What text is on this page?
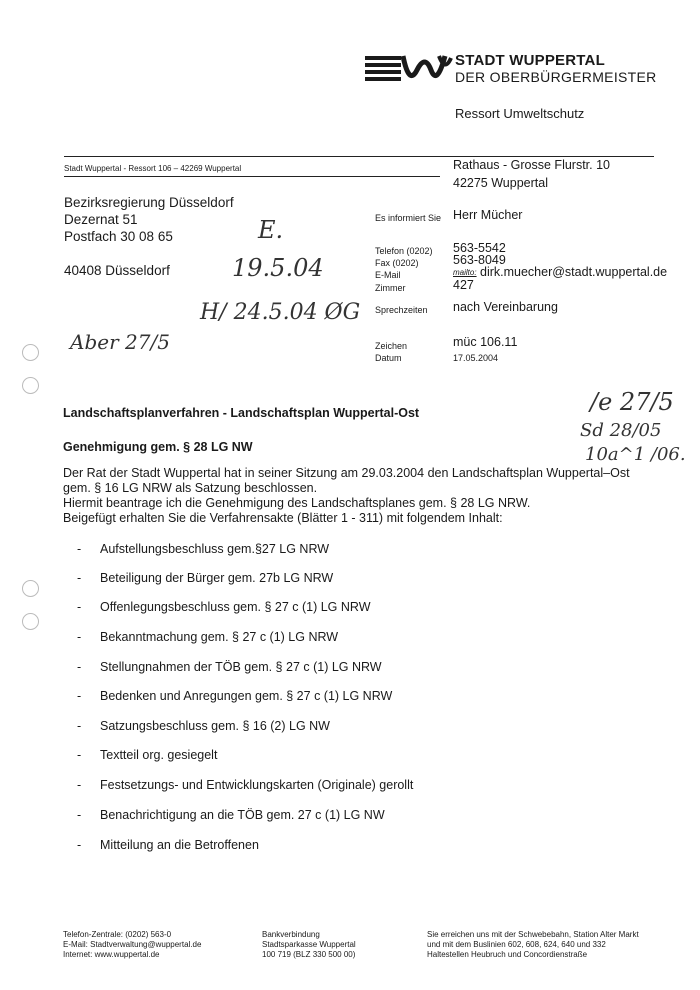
STADT WUPPERTAL
DER OBERBÜRGERMEISTER
Ressort Umweltschutz
Stadt Wuppertal - Ressort 106 – 42269 Wuppertal	Rathaus - Grosse Flurstr. 10
42275 Wuppertal
Bezirksregierung Düsseldorf
Dezernat 51
Postfach 30 08 65
40408 Düsseldorf
Es informiert Sie Herr Mücher
Telefon (0202) 563-5542
Fax (0202)	563-8049
E-Mail	mailto: dirk.muecher@stadt.wuppertal.de
Zimmer	427
Sprechzeiten nach Vereinbarung
Zeichen	müc 106.11
Datum	17.05.2004
E.
19.5.04
H/ 24.5.04 ØG
Aber 27/5
/e 27/5
Sd 28/05
10a^1 /06.
Landschaftsplanverfahren - Landschaftsplan Wuppertal-Ost
Genehmigung gem. § 28 LG NW
Der Rat der Stadt Wuppertal hat in seiner Sitzung am 29.03.2004 den Landschaftsplan Wuppertal–Ost
gem. § 16 LG NRW als Satzung beschlossen.
Hiermit beantrage ich die Genehmigung des Landschaftsplanes gem. § 28 LG NRW.
Beigefügt erhalten Sie die Verfahrensakte (Blätter 1 - 311) mit folgendem Inhalt:
- Aufstellungsbeschluss gem.§27 LG NRW
- Beteiligung der Bürger gem. 27b LG NRW
- Offenlegungsbeschluss gem. § 27 c (1) LG NRW
- Bekanntmachung gem. § 27 c (1) LG NRW
- Stellungnahmen der TÖB gem. § 27 c (1) LG NRW
- Bedenken und Anregungen gem. § 27 c (1) LG NRW
- Satzungsbeschluss gem. § 16 (2) LG NW
- Textteil org. gesiegelt
- Festsetzungs- und Entwicklungskarten (Originale) gerollt
- Benachrichtigung an die TÖB gem. 27 c (1) LG NW
- Mitteilung an die Betroffenen
Telefon-Zentrale: (0202) 563-0
E-Mail: Stadtverwaltung@wuppertal.de
Internet: www.wuppertal.de
Bankverbindung
Stadtsparkasse Wuppertal
100 719 (BLZ 330 500 00)
Sie erreichen uns mit der Schwebebahn, Station Alter Markt
und mit dem Buslinien 602, 608, 624, 640 und 332
Haltestellen Heubruch und Concordienstraße
